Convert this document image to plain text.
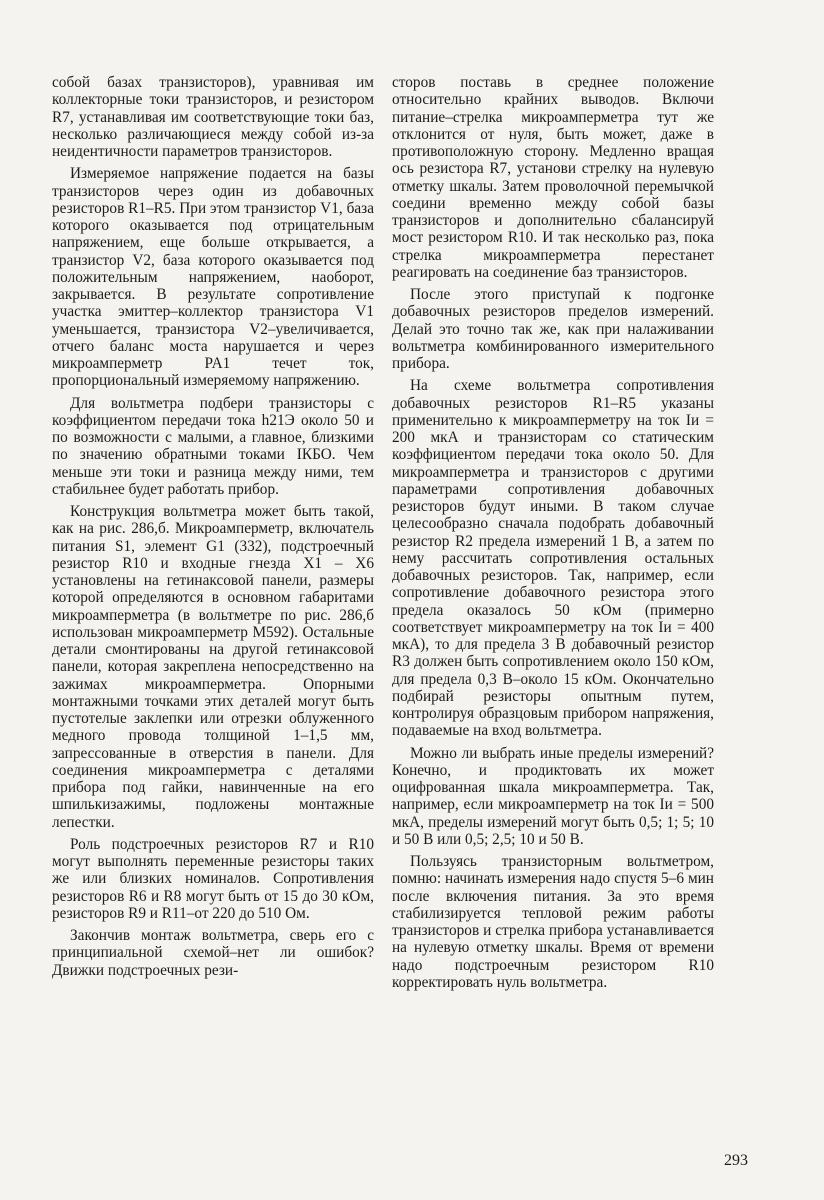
собой базах транзисторов), уравнивая им коллекторные токи транзисторов, и резистором R7, устанавливая им соответствующие токи баз, несколько различающиеся между собой из-за неидентичности параметров транзисторов.

Измеряемое напряжение подается на базы транзисторов через один из добавочных резисторов R1–R5. При этом транзистор V1, база которого оказывается под отрицательным напряжением, еще больше открывается, а транзистор V2, база которого оказывается под положительным напряжением, наоборот, закрывается. В результате сопротивление участка эмиттер–коллектор транзистора V1 уменьшается, транзистора V2–увеличивается, отчего баланс моста нарушается и через микроамперметр PA1 течет ток, пропорциональный измеряемому напряжению.

Для вольтметра подбери транзисторы с коэффициентом передачи тока h21Э около 50 и по возможности с малыми, а главное, близкими по значению обратными токами IКБО. Чем меньше эти токи и разница между ними, тем стабильнее будет работать прибор.

Конструкция вольтметра может быть такой, как на рис. 286,б. Микроамперметр, включатель питания S1, элемент G1 (332), подстроечный резистор R10 и входные гнезда X1 – X6 установлены на гетинаксовой панели, размеры которой определяются в основном габаритами микроамперметра (в вольтметре по рис. 286,б использован микроамперметр М592). Остальные детали смонтированы на другой гетинаксовой панели, которая закреплена непосредственно на зажимах микроамперметра. Опорными монтажными точками этих деталей могут быть пустотелые заклепки или отрезки облуженного медного провода толщиной 1–1,5 мм, запрессованные в отверстия в панели. Для соединения микроамперметра с деталями прибора под гайки, навинченные на его шпилькизажимы, подложены монтажные лепестки.

Роль подстроечных резисторов R7 и R10 могут выполнять переменные резисторы таких же или близких номиналов. Сопротивления резисторов R6 и R8 могут быть от 15 до 30 кОм, резисторов R9 и R11–от 220 до 510 Ом.

Закончив монтаж вольтметра, сверь его с принципиальной схемой–нет ли ошибок? Движки подстроечных рези-

сторов поставь в среднее положение относительно крайних выводов. Включи питание–стрелка микроамперметра тут же отклонится от нуля, быть может, даже в противоположную сторону. Медленно вращая ось резистора R7, установи стрелку на нулевую отметку шкалы. Затем проволочной перемычкой соедини временно между собой базы транзисторов и дополнительно сбалансируй мост резистором R10. И так несколько раз, пока стрелка микроамперметра перестанет реагировать на соединение баз транзисторов.

После этого приступай к подгонке добавочных резисторов пределов измерений. Делай это точно так же, как при налаживании вольтметра комбинированного измерительного прибора.

На схеме вольтметра сопротивления добавочных резисторов R1–R5 указаны применительно к микроамперметру на ток Iи = 200 мкА и транзисторам со статическим коэффициентом передачи тока около 50. Для микроамперметра и транзисторов с другими параметрами сопротивления добавочных резисторов будут иными. В таком случае целесообразно сначала подобрать добавочный резистор R2 предела измерений 1 В, а затем по нему рассчитать сопротивления остальных добавочных резисторов. Так, например, если сопротивление добавочного резистора этого предела оказалось 50 кОм (примерно соответствует микроамперметру на ток Iи = 400 мкА), то для предела 3 В добавочный резистор R3 должен быть сопротивлением около 150 кОм, для предела 0,3 В–около 15 кОм. Окончательно подбирай резисторы опытным путем, контролируя образцовым прибором напряжения, подаваемые на вход вольтметра.

Можно ли выбрать иные пределы измерений? Конечно, и продиктовать их может оцифрованная шкала микроамперметра. Так, например, если микроамперметр на ток Iи = 500 мкА, пределы измерений могут быть 0,5; 1; 5; 10 и 50 В или 0,5; 2,5; 10 и 50 В.

Пользуясь транзисторным вольтметром, помню: начинать измерения надо спустя 5–6 мин после включения питания. За это время стабилизируется тепловой режим работы транзисторов и стрелка прибора устанавливается на нулевую отметку шкалы. Время от времени надо подстроечным резистором R10 корректировать нуль вольтметра.

293
